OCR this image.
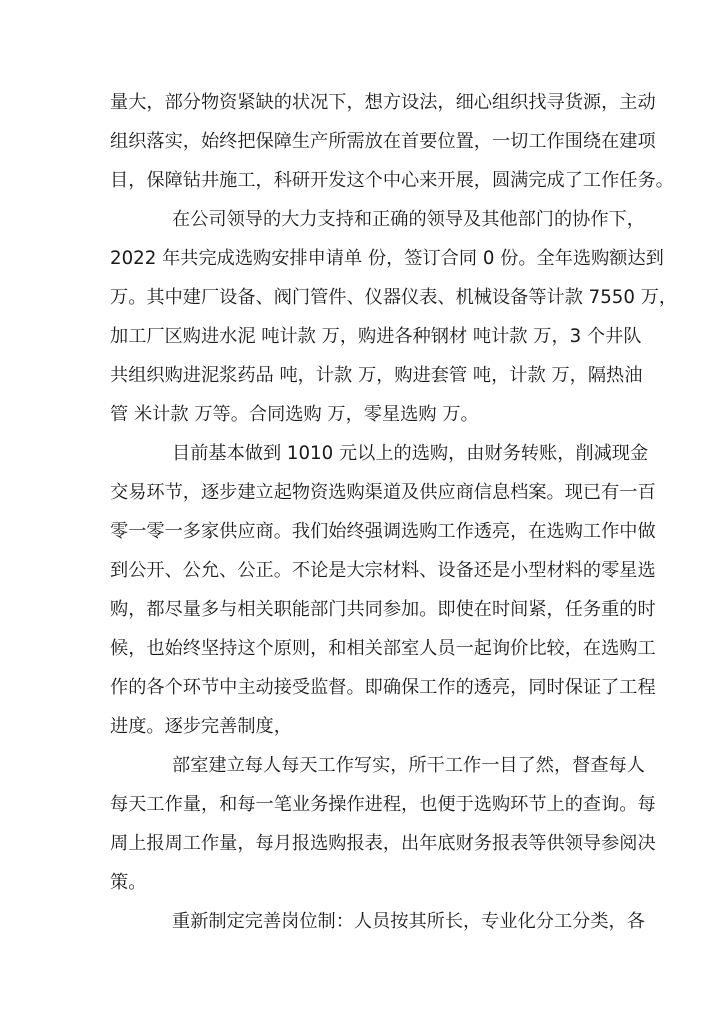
量大，部分物资紧缺的状况下，想方设法，细心组织找寻货源，主动
组织落实，始终把保障生产所需放在首要位置，一切工作围绕在建项
目，保障钻井施工，科研开发这个中心来开展，圆满完成了工作任务。
在公司领导的大力支持和正确的领导及其他部门的协作下，
2022 年共完成选购安排申请单 份，签订合同 0 份。全年选购额达到
万。其中建厂设备、阀门管件、仪器仪表、机械设备等计款 7550 万，
加工厂区购进水泥 吨计款 万，购进各种钢材 吨计款 万，3 个井队
共组织购进泥浆药品 吨，计款 万，购进套管 吨，计款 万，隔热油
管 米计款 万等。合同选购 万，零星选购 万。
目前基本做到 1010 元以上的选购，由财务转账，削减现金
交易环节，逐步建立起物资选购渠道及供应商信息档案。现已有一百
零一零一多家供应商。我们始终强调选购工作透亮，在选购工作中做
到公开、公允、公正。不论是大宗材料、设备还是小型材料的零星选
购，都尽量多与相关职能部门共同参加。即使在时间紧，任务重的时
候，也始终坚持这个原则，和相关部室人员一起询价比较，在选购工
作的各个环节中主动接受监督。即确保工作的透亮，同时保证了工程
进度。逐步完善制度，
部室建立每人每天工作写实，所干工作一目了然，督查每人
每天工作量，和每一笔业务操作进程，也便于选购环节上的查询。每
周上报周工作量，每月报选购报表，出年底财务报表等供领导参阅决
策。
重新制定完善岗位制：人员按其所长，专业化分工分类，各
